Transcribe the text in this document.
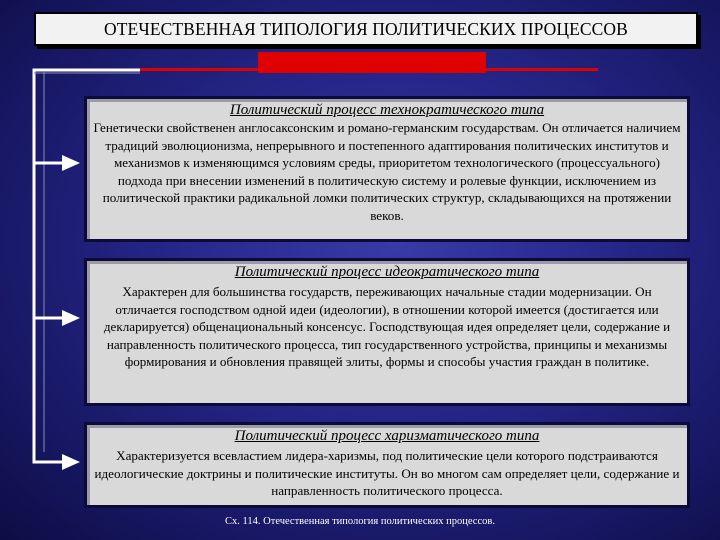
ОТЕЧЕСТВЕННАЯ ТИПОЛОГИЯ ПОЛИТИЧЕСКИХ ПРОЦЕССОВ
Политический процесс технократического типа
Генетически свойственен англосаксонским и романо-германским государствам. Он отличается наличием традиций эволюционизма, непрерывного и постепенного адаптирования политических институтов и механизмов к изменяющимся условиям среды, приоритетом технологического (процессуального) подхода при внесении изменений в политическую систему и ролевые функции, исключением из политической практики радикальной ломки политических структур, складывающихся на протяжении веков.
Политический процесс идеократического типа
Характерен для большинства государств, переживающих начальные стадии модернизации. Он отличается господством одной идеи (идеологии), в отношении которой имеется (достигается или декларируется) общенациональный консенсус. Господствующая идея определяет цели, содержание и направленность политического процесса, тип государственного устройства, принципы и механизмы формирования и обновления правящей элиты, формы и способы участия граждан в политике.
Политический процесс харизматического типа
Характеризуется всевластием лидера-харизмы, под политические цели которого подстраиваются идеологические доктрины и политические институты. Он во многом сам определяет цели, содержание и направленность политического процесса.
Сх. 114. Отечественная типология политических процессов.
